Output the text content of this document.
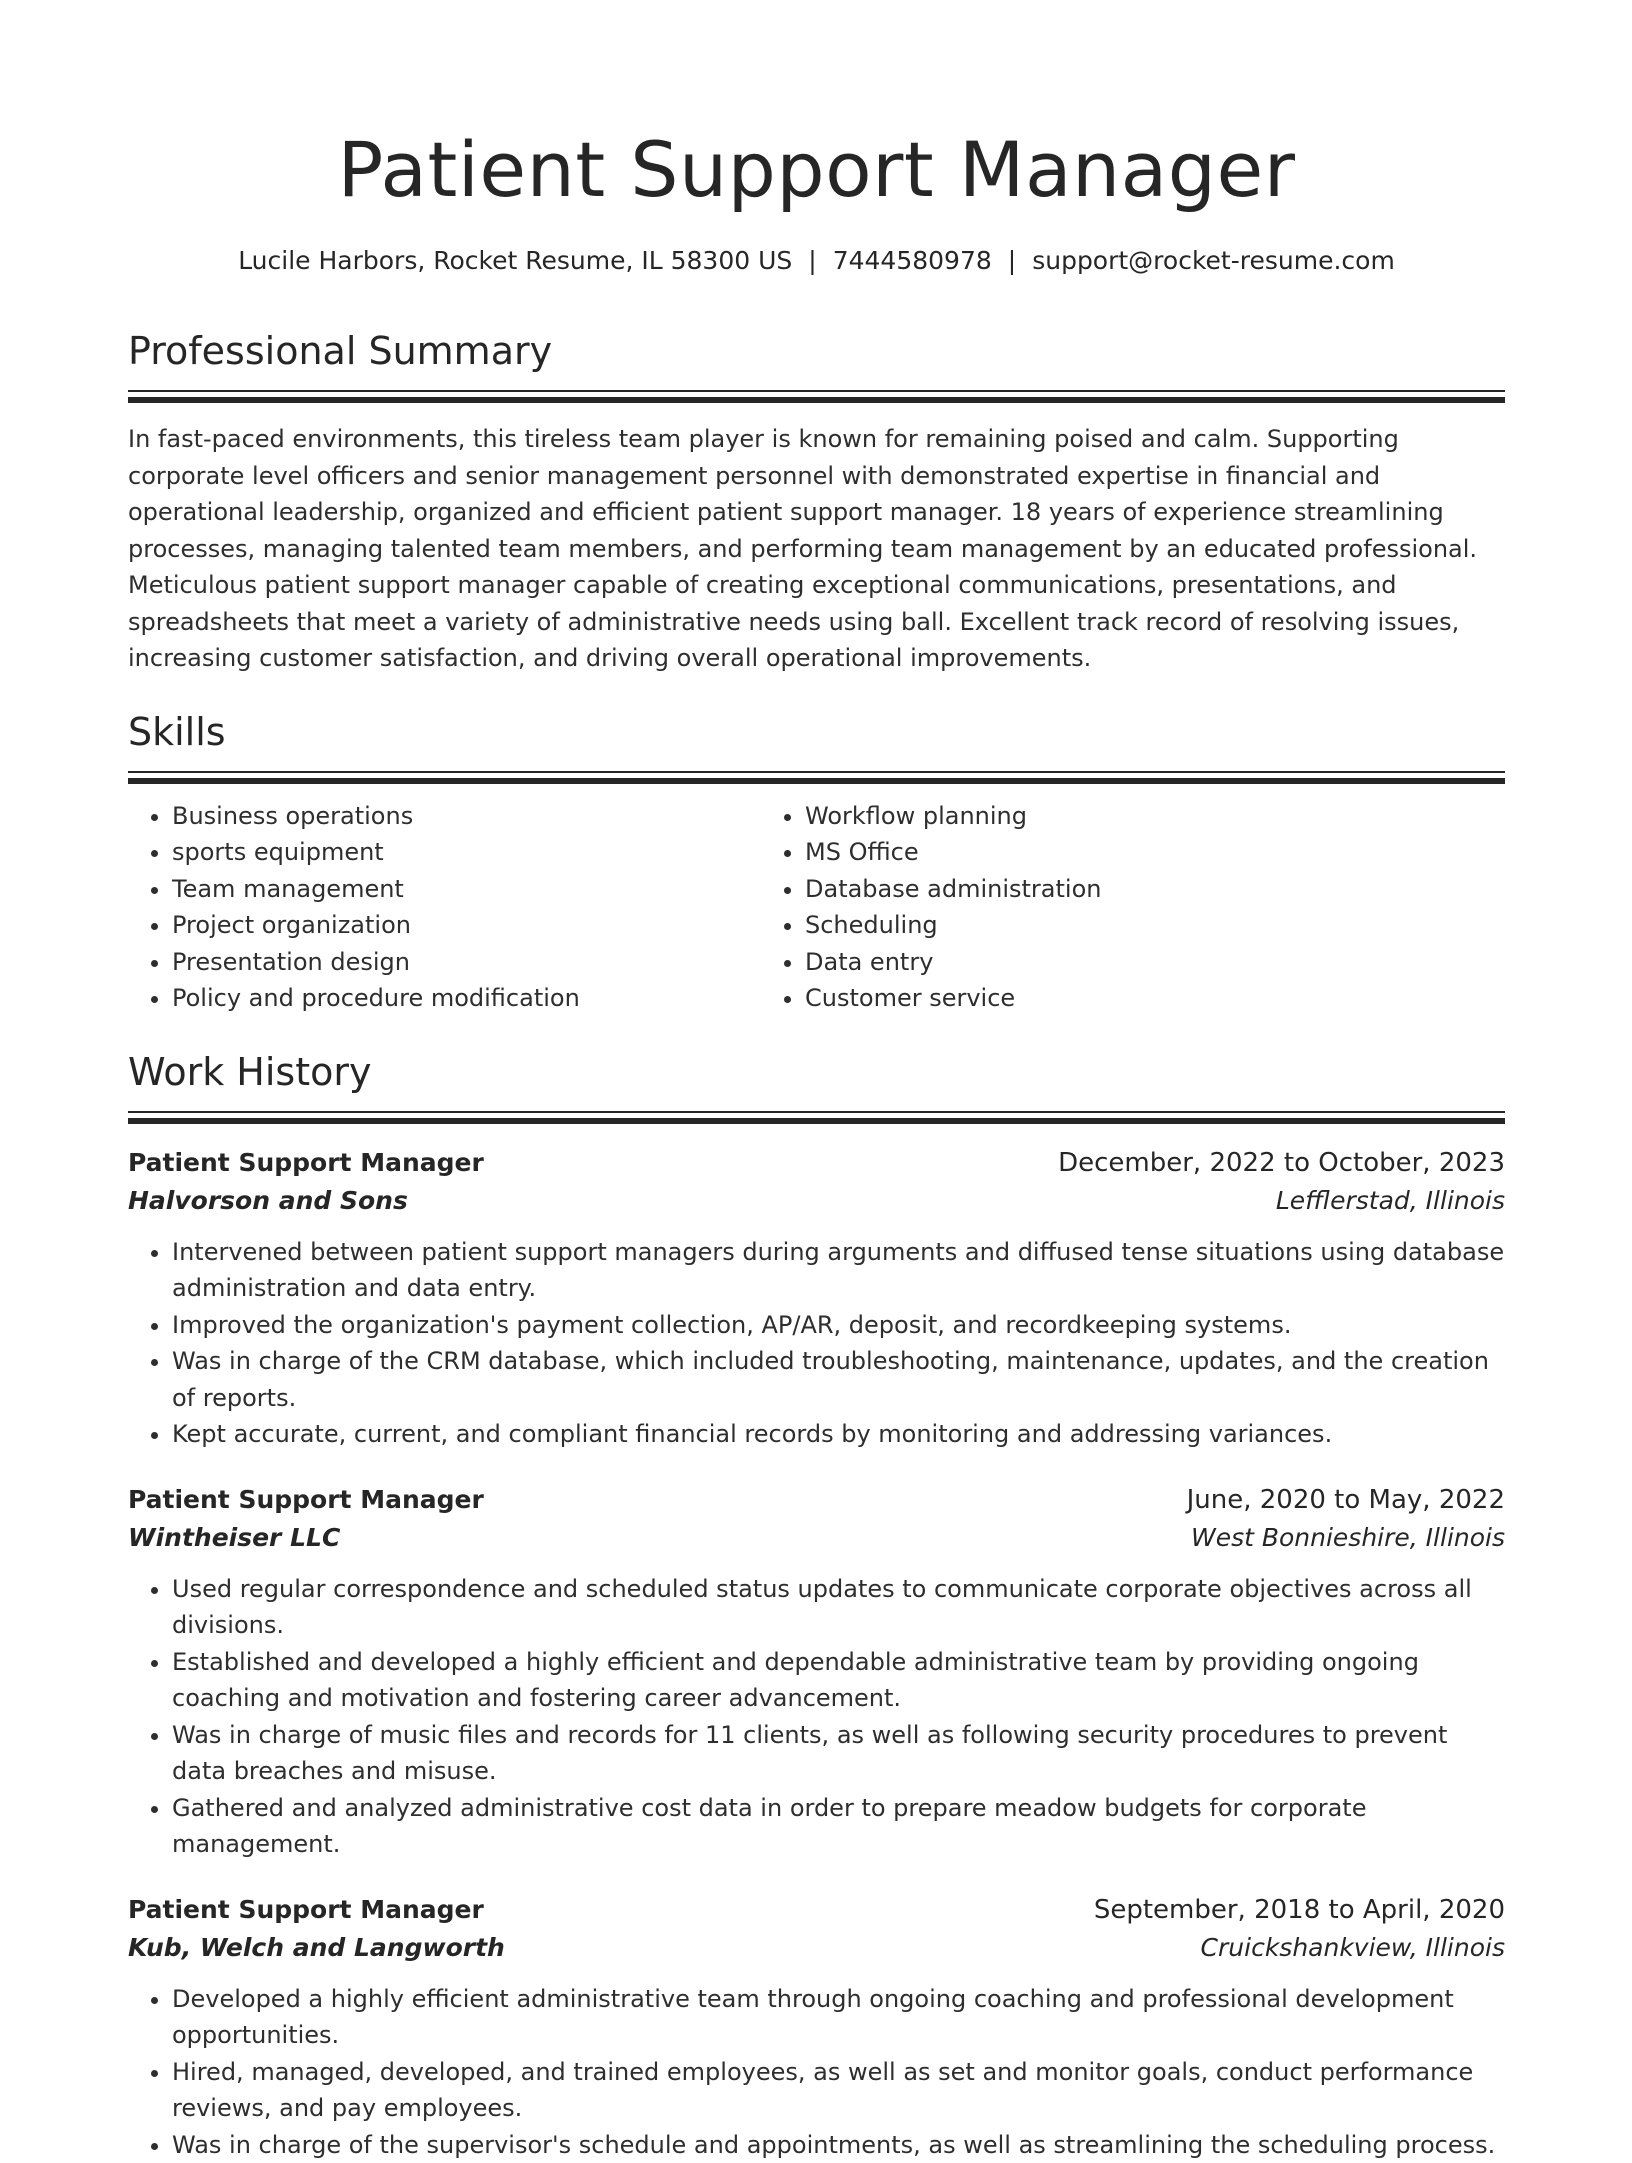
Patient Support Manager
Lucile Harbors, Rocket Resume, IL 58300 US | 7444580978 | support@rocket-resume.com
Professional Summary

In fast-paced environments, this tireless team player is known for remaining poised and calm. Supporting corporate level officers and senior management personnel with demonstrated expertise in financial and operational leadership, organized and efficient patient support manager. 18 years of experience streamlining processes, managing talented team members, and performing team management by an educated professional. Meticulous patient support manager capable of creating exceptional communications, presentations, and spreadsheets that meet a variety of administrative needs using ball. Excellent track record of resolving issues, increasing customer satisfaction, and driving overall operational improvements.

Skills
• Business operations
• sports equipment
• Team management
• Project organization
• Presentation design
• Policy and procedure modification
• Workflow planning
• MS Office
• Database administration
• Scheduling
• Data entry
• Customer service
Work History
Patient Support Manager	December, 2022 to October, 2023
Halvorson and Sons	Lefflerstad, Illinois
• Intervened between patient support managers during arguments and diffused tense situations using database administration and data entry.
• Improved the organization's payment collection, AP/AR, deposit, and recordkeeping systems.
• Was in charge of the CRM database, which included troubleshooting, maintenance, updates, and the creation of reports.
• Kept accurate, current, and compliant financial records by monitoring and addressing variances.
Patient Support Manager	June, 2020 to May, 2022
Wintheiser LLC	West Bonnieshire, Illinois
• Used regular correspondence and scheduled status updates to communicate corporate objectives across all divisions.
• Established and developed a highly efficient and dependable administrative team by providing ongoing coaching and motivation and fostering career advancement.
• Was in charge of music files and records for 11 clients, as well as following security procedures to prevent data breaches and misuse.
• Gathered and analyzed administrative cost data in order to prepare meadow budgets for corporate management.
Patient Support Manager	September, 2018 to April, 2020
Kub, Welch and Langworth	Cruickshankview, Illinois
• Developed a highly efficient administrative team through ongoing coaching and professional development opportunities.
• Hired, managed, developed, and trained employees, as well as set and monitor goals, conduct performance reviews, and pay employees.
• Was in charge of the supervisor's schedule and appointments, as well as streamlining the scheduling process.
